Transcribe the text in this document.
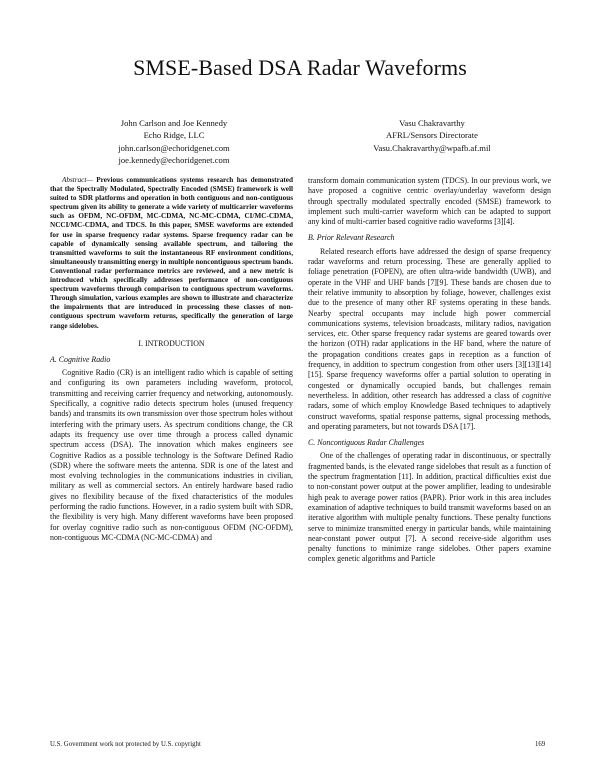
SMSE-Based DSA Radar Waveforms
John Carlson and Joe Kennedy
Echo Ridge, LLC
john.carlson@echoridgenet.com
joe.kennedy@echoridgenet.com
Vasu Chakravarthy
AFRL/Sensors Directorate
Vasu.Chakravarthy@wpafb.af.mil

Abstract— Previous communications systems research has demonstrated that the Spectrally Modulated, Spectrally Encoded (SMSE) framework is well suited to SDR platforms and operation in both contiguous and non-contiguous spectrum given its ability to generate a wide variety of multicarrier waveforms such as OFDM, NC-OFDM, MC-CDMA, NC-MC-CDMA, CI/MC-CDMA, NCCI/MC-CDMA, and TDCS. In this paper, SMSE waveforms are extended for use in sparse frequency radar systems. Sparse frequency radar can be capable of dynamically sensing available spectrum, and tailoring the transmitted waveforms to suit the instantaneous RF environment conditions, simultaneously transmitting energy in multiple noncontiguous spectrum bands. Conventional radar performance metrics are reviewed, and a new metric is introduced which specifically addresses performance of non-contiguous spectrum waveforms through comparison to contiguous spectrum waveforms. Through simulation, various examples are shown to illustrate and characterize the impairments that are introduced in processing these classes of non-contiguous spectrum waveform returns, specifically the generation of large range sidelobes.

I. INTRODUCTION
A. Cognitive Radio

Cognitive Radio (CR) is an intelligent radio which is capable of setting and configuring its own parameters including waveform, protocol, transmitting and receiving carrier frequency and networking, autonomously. Specifically, a cognitive radio detects spectrum holes (unused frequency bands) and transmits its own transmission over those spectrum holes without interfering with the primary users. As spectrum conditions change, the CR adapts its frequency use over time through a process called dynamic spectrum access (DSA). The innovation which makes engineers see Cognitive Radios as a possible technology is the Software Defined Radio (SDR) where the software meets the antenna. SDR is one of the latest and most evolving technologies in the communications industries in civilian, military as well as commercial sectors. An entirely hardware based radio gives no flexibility because of the fixed characteristics of the modules performing the radio functions. However, in a radio system built with SDR, the flexibility is very high. Many different waveforms have been proposed for overlay cognitive radio such as non-contiguous OFDM (NC-OFDM), non-contiguous MC-CDMA (NC-MC-CDMA) and

transform domain communication system (TDCS). In our previous work, we have proposed a cognitive centric overlay/underlay waveform design through spectrally modulated spectrally encoded (SMSE) framework to implement such multi-carrier waveform which can be adapted to support any kind of multi-carrier based cognitive radio waveforms [3][4].

B. Prior Relevant Research

Related research efforts have addressed the design of sparse frequency radar waveforms and return processing. These are generally applied to foliage penetration (FOPEN), are often ultra-wide bandwidth (UWB), and operate in the VHF and UHF bands [7][9]. These bands are chosen due to their relative immunity to absorption by foliage, however, challenges exist due to the presence of many other RF systems operating in these bands. Nearby spectral occupants may include high power commercial communications systems, television broadcasts, military radios, navigation services, etc. Other sparse frequency radar systems are geared towards over the horizon (OTH) radar applications in the HF band, where the nature of the propagation conditions creates gaps in reception as a function of frequency, in addition to spectrum congestion from other users [3][13][14][15]. Sparse frequency waveforms offer a partial solution to operating in congested or dynamically occupied bands, but challenges remain nevertheless. In addition, other research has addressed a class of cognitive radars, some of which employ Knowledge Based techniques to adaptively construct waveforms, spatial response patterns, signal processing methods, and operating parameters, but not towards DSA [17].

C. Noncontiguous Radar Challenges

One of the challenges of operating radar in discontinuous, or spectrally fragmented bands, is the elevated range sidelobes that result as a function of the spectrum fragmentation [11]. In addition, practical difficulties exist due to non-constant power output at the power amplifier, leading to undesirable high peak to average power ratios (PAPR). Prior work in this area includes examination of adaptive techniques to build transmit waveforms based on an iterative algorithm with multiple penalty functions. These penalty functions serve to minimize transmitted energy in particular bands, while maintaining near-constant power output [7]. A second receive-side algorithm uses penalty functions to minimize range sidelobes. Other papers examine complex genetic algorithms and Particle

U.S. Government work not protected by U.S. copyright	169
